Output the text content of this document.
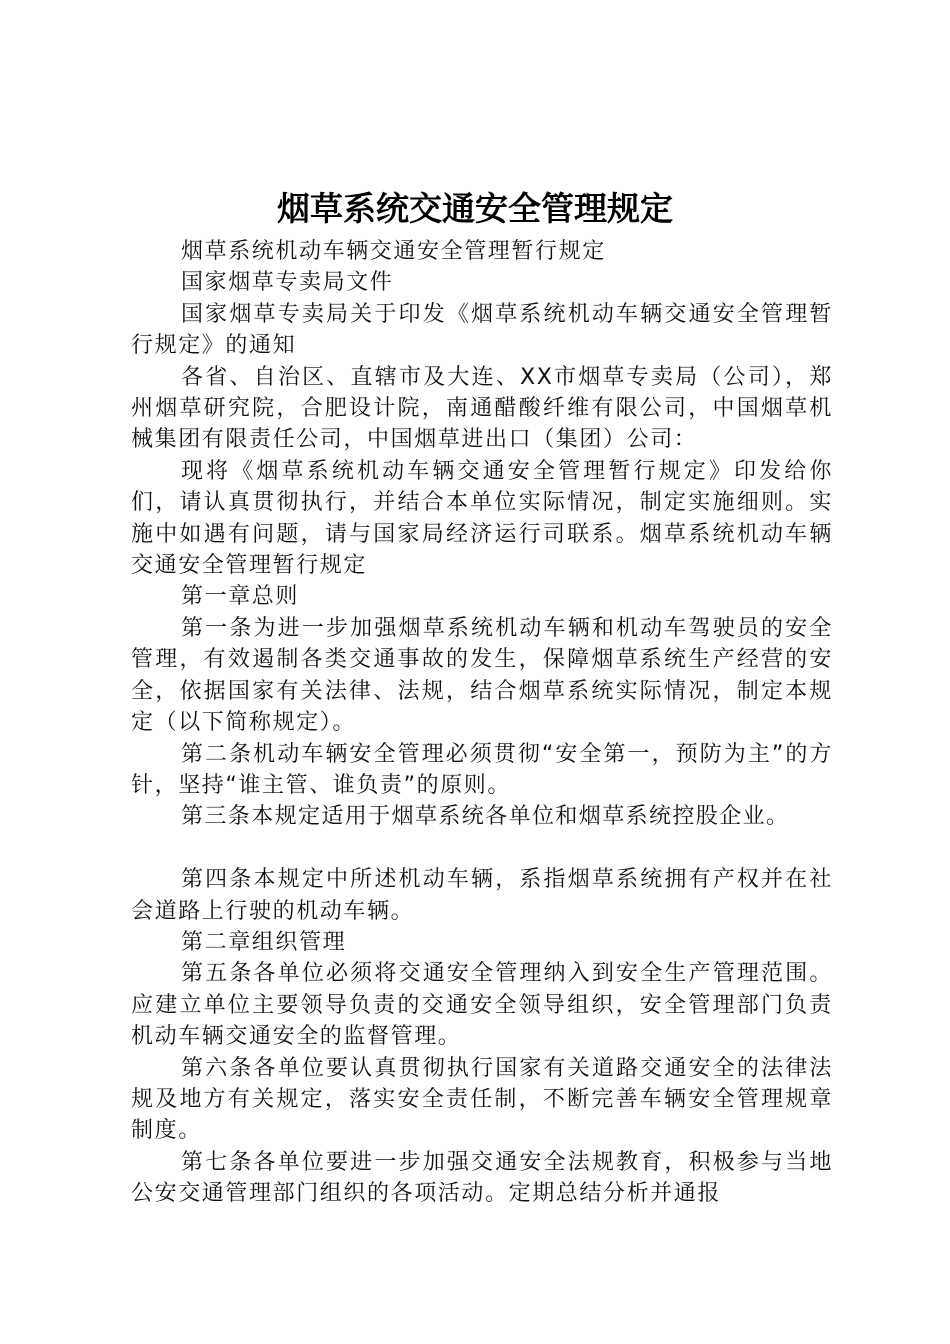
烟草系统交通安全管理规定

烟草系统机动车辆交通安全管理暂行规定

国家烟草专卖局文件

国家烟草专卖局关于印发《烟草系统机动车辆交通安全管理暂行规定》的通知

各省、自治区、直辖市及大连、XX市烟草专卖局（公司），郑州烟草研究院，合肥设计院，南通醋酸纤维有限公司，中国烟草机械集团有限责任公司，中国烟草进出口（集团）公司：

现将《烟草系统机动车辆交通安全管理暂行规定》印发给你们，请认真贯彻执行，并结合本单位实际情况，制定实施细则。实施中如遇有问题，请与国家局经济运行司联系。烟草系统机动车辆交通安全管理暂行规定

第一章总则

第一条为进一步加强烟草系统机动车辆和机动车驾驶员的安全管理，有效遏制各类交通事故的发生，保障烟草系统生产经营的安全，依据国家有关法律、法规，结合烟草系统实际情况，制定本规定（以下简称规定）。

第二条机动车辆安全管理必须贯彻“安全第一，预防为主”的方针，坚持“谁主管、谁负责”的原则。

第三条本规定适用于烟草系统各单位和烟草系统控股企业。

第四条本规定中所述机动车辆，系指烟草系统拥有产权并在社会道路上行驶的机动车辆。

第二章组织管理

第五条各单位必须将交通安全管理纳入到安全生产管理范围。应建立单位主要领导负责的交通安全领导组织，安全管理部门负责机动车辆交通安全的监督管理。

第六条各单位要认真贯彻执行国家有关道路交通安全的法律法规及地方有关规定，落实安全责任制，不断完善车辆安全管理规章制度。

第七条各单位要进一步加强交通安全法规教育，积极参与当地公安交通管理部门组织的各项活动。定期总结分析并通报
